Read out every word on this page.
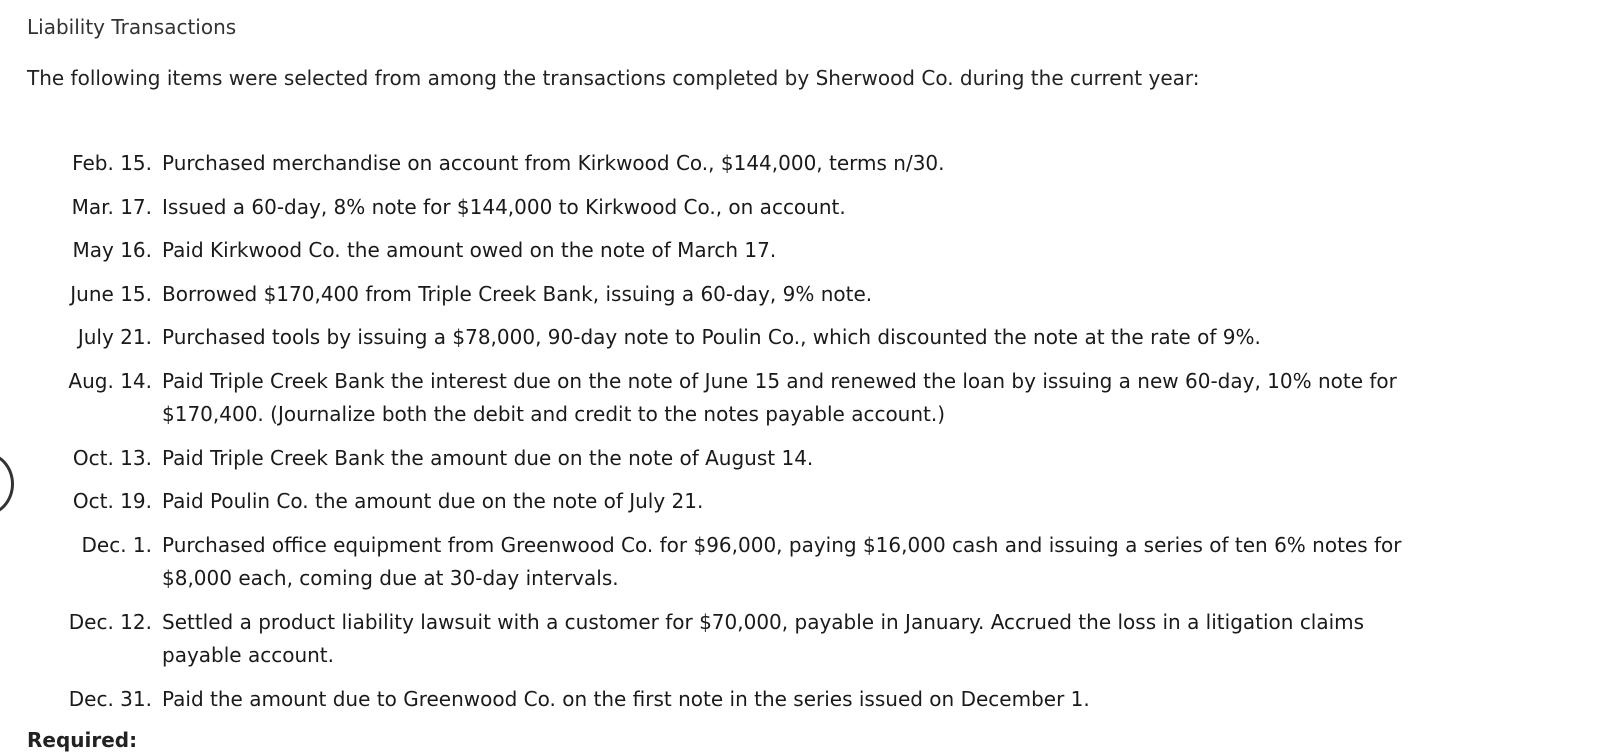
Liability Transactions
The following items were selected from among the transactions completed by Sherwood Co. during the current year:
Feb. 15. Purchased merchandise on account from Kirkwood Co., $144,000, terms n/30.
Mar. 17. Issued a 60-day, 8% note for $144,000 to Kirkwood Co., on account.
May 16. Paid Kirkwood Co. the amount owed on the note of March 17.
June 15. Borrowed $170,400 from Triple Creek Bank, issuing a 60-day, 9% note.
July 21. Purchased tools by issuing a $78,000, 90-day note to Poulin Co., which discounted the note at the rate of 9%.
Aug. 14. Paid Triple Creek Bank the interest due on the note of June 15 and renewed the loan by issuing a new 60-day, 10% note for $170,400. (Journalize both the debit and credit to the notes payable account.)
Oct. 13. Paid Triple Creek Bank the amount due on the note of August 14.
Oct. 19. Paid Poulin Co. the amount due on the note of July 21.
Dec. 1. Purchased office equipment from Greenwood Co. for $96,000, paying $16,000 cash and issuing a series of ten 6% notes for $8,000 each, coming due at 30-day intervals.
Dec. 12. Settled a product liability lawsuit with a customer for $70,000, payable in January. Accrued the loss in a litigation claims payable account.
Dec. 31. Paid the amount due to Greenwood Co. on the first note in the series issued on December 1.
Required:
